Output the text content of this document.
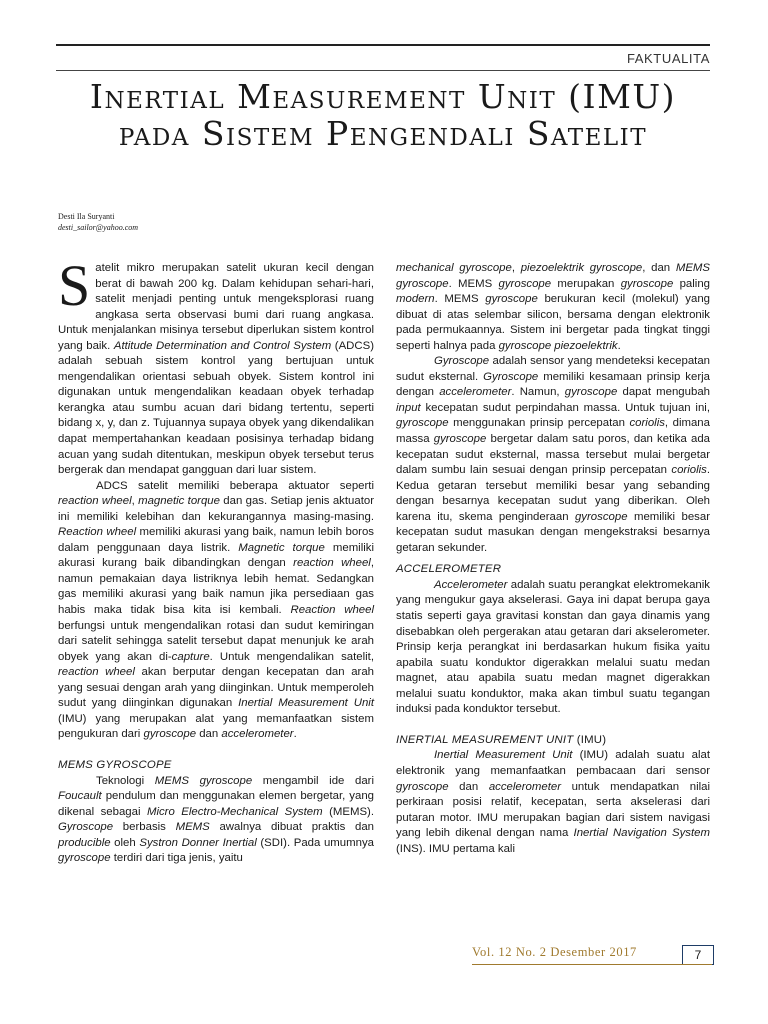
FAKTUALITA
Inertial Measurement Unit (IMU) pada Sistem Pengendali Satelit
Desti Ila Suryanti
desti_sailor@yahoo.com

Satelit mikro merupakan satelit ukuran kecil dengan berat di bawah 200 kg. Dalam kehidupan sehari-hari, satelit menjadi penting untuk mengeksplorasi ruang angkasa serta observasi bumi dari ruang angkasa. Untuk menjalankan misinya tersebut diperlukan sistem kontrol yang baik. Attitude Determination and Control System (ADCS) adalah sebuah sistem kontrol yang bertujuan untuk mengendalikan orientasi sebuah obyek. Sistem kontrol ini digunakan untuk mengendalikan keadaan obyek terhadap kerangka atau sumbu acuan dari bidang tertentu, seperti bidang x, y, dan z. Tujuannya supaya obyek yang dikendalikan dapat mempertahankan keadaan posisinya terhadap bidang acuan yang sudah ditentukan, meskipun obyek tersebut terus bergerak dan mendapat gangguan dari luar sistem.

ADCS satelit memiliki beberapa aktuator seperti reaction wheel, magnetic torque dan gas. Setiap jenis aktuator ini memiliki kelebihan dan kekurangannya masing-masing. Reaction wheel memiliki akurasi yang baik, namun lebih boros dalam penggunaan daya listrik. Magnetic torque memiliki akurasi kurang baik dibandingkan dengan reaction wheel, namun pemakaian daya listriknya lebih hemat. Sedangkan gas memiliki akurasi yang baik namun jika persediaan gas habis maka tidak bisa kita isi kembali. Reaction wheel berfungsi untuk mengendalikan rotasi dan sudut kemiringan dari satelit sehingga satelit tersebut dapat menunjuk ke arah obyek yang akan di-capture. Untuk mengendalikan satelit, reaction wheel akan berputar dengan kecepatan dan arah yang sesuai dengan arah yang diinginkan. Untuk memperoleh sudut yang diinginkan digunakan Inertial Measurement Unit (IMU) yang merupakan alat yang memanfaatkan sistem pengukuran dari gyroscope dan accelerometer.

MEMS GYROSCOPE

Teknologi MEMS gyroscope mengambil ide dari Foucault pendulum dan menggunakan elemen bergetar, yang dikenal sebagai Micro Electro-Mechanical System (MEMS). Gyroscope berbasis MEMS awalnya dibuat praktis dan producible oleh Systron Donner Inertial (SDI). Pada umumnya gyroscope terdiri dari tiga jenis, yaitu

mechanical gyroscope, piezoelektrik gyroscope, dan MEMS gyroscope. MEMS gyroscope merupakan gyroscope paling modern. MEMS gyroscope berukuran kecil (molekul) yang dibuat di atas selembar silicon, bersama dengan elektronik pada permukaannya. Sistem ini bergetar pada tingkat tinggi seperti halnya pada gyroscope piezoelektrik.

Gyroscope adalah sensor yang mendeteksi kecepatan sudut eksternal. Gyroscope memiliki kesamaan prinsip kerja dengan accelerometer. Namun, gyroscope dapat mengubah input kecepatan sudut perpindahan massa. Untuk tujuan ini, gyroscope menggunakan prinsip percepatan coriolis, dimana massa gyroscope bergetar dalam satu poros, dan ketika ada kecepatan sudut eksternal, massa tersebut mulai bergetar dalam sumbu lain sesuai dengan prinsip percepatan coriolis. Kedua getaran tersebut memiliki besar yang sebanding dengan besarnya kecepatan sudut yang diberikan. Oleh karena itu, skema penginderaan gyroscope memiliki besar kecepatan sudut masukan dengan mengekstraksi besarnya getaran sekunder.

ACCELEROMETER

Accelerometer adalah suatu perangkat elektromekanik yang mengukur gaya akselerasi. Gaya ini dapat berupa gaya statis seperti gaya gravitasi konstan dan gaya dinamis yang disebabkan oleh pergerakan atau getaran dari akselerometer. Prinsip kerja perangkat ini berdasarkan hukum fisika yaitu apabila suatu konduktor digerakkan melalui suatu medan magnet, atau apabila suatu medan magnet digerakkan melalui suatu konduktor, maka akan timbul suatu tegangan induksi pada konduktor tersebut.

INERTIAL MEASUREMENT UNIT (IMU)

Inertial Measurement Unit (IMU) adalah suatu alat elektronik yang memanfaatkan pembacaan dari sensor gyroscope dan accelerometer untuk mendapatkan nilai perkiraan posisi relatif, kecepatan, serta akselerasi dari putaran motor. IMU merupakan bagian dari sistem navigasi yang lebih dikenal dengan nama Inertial Navigation System (INS). IMU pertama kali

Vol. 12 No. 2 Desember 2017	7
